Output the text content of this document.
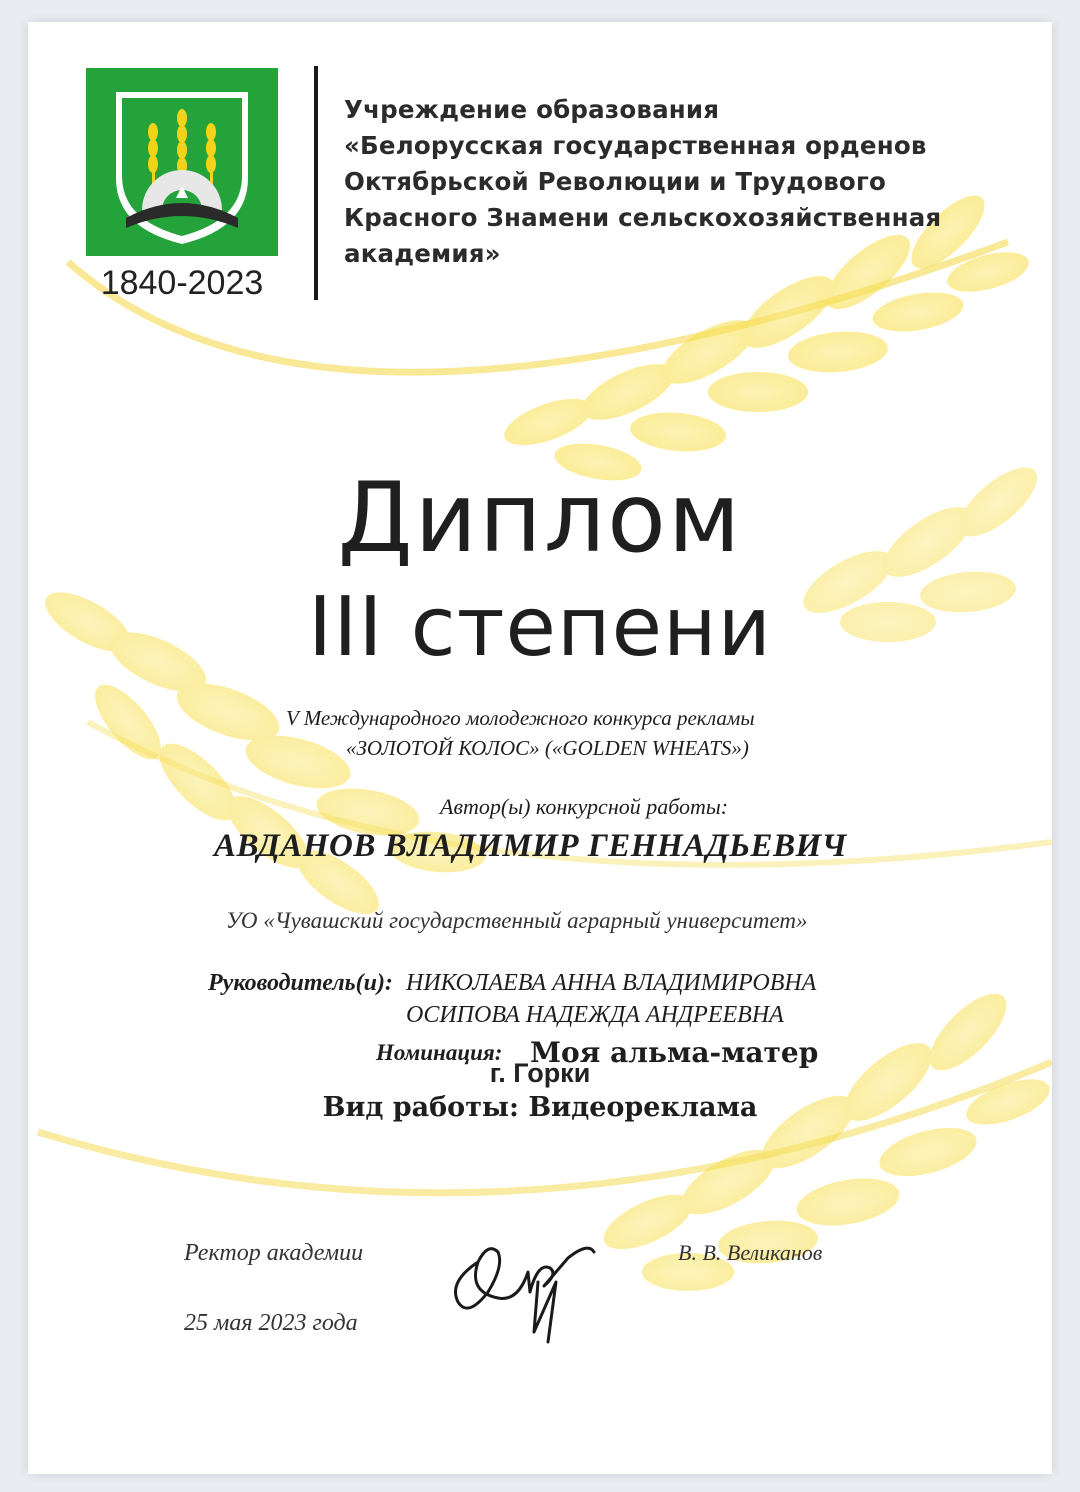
1840-2023
Учреждение образования
«Белорусская государственная орденов
Октябрьской Революции и Трудового
Красного Знамени сельскохозяйственная
академия»
Диплом
III степени
V Международного молодежного конкурса рекламы
«ЗОЛОТОЙ КОЛОС» («GOLDEN WHEATS»)
Автор(ы) конкурсной работы:
АВДАНОВ ВЛАДИМИР ГЕННАДЬЕВИЧ
УО «Чувашский государственный аграрный университет»
Руководитель(и): НИКОЛАЕВА АННА ВЛАДИМИРОВНА
ОСИПОВА НАДЕЖДА АНДРЕЕВНА
Номинация: Моя альма-матер
Вид работы: Видеореклама
Ректор академии	В. В. Великанов
25 мая 2023 года
г. Горки
